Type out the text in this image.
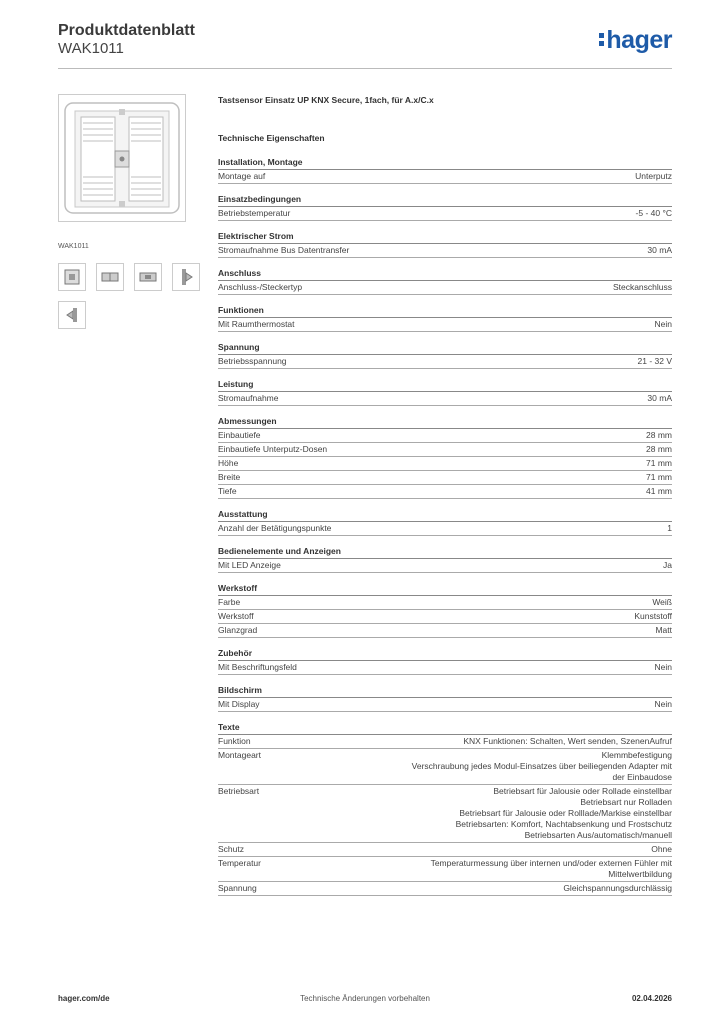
Produktdatenblatt
WAK1011	hager
WAK1011
Tastsensor Einsatz UP KNX Secure, 1fach, für A.x/C.x
Technische Eigenschaften
Installation, Montage
Montage auf	Unterputz
Einsatzbedingungen
Betriebstemperatur	-5 - 40 °C
Elektrischer Strom
Stromaufnahme Bus Datentransfer	30 mA
Anschluss
Anschluss-/Steckertyp	Steckanschluss
Funktionen
Mit Raumthermostat	Nein
Spannung
Betriebsspannung	21 - 32 V
Leistung
Stromaufnahme	30 mA
Abmessungen
Einbautiefe	28 mm
Einbautiefe Unterputz-Dosen	28 mm
Höhe	71 mm
Breite	71 mm
Tiefe	41 mm
Ausstattung
Anzahl der Betätigungspunkte	1
Bedienelemente und Anzeigen
Mit LED Anzeige	Ja
Werkstoff
Farbe	Weiß
Werkstoff	Kunststoff
Glanzgrad	Matt
Zubehör
Mit Beschriftungsfeld	Nein
Bildschirm
Mit Display	Nein
Texte
Funktion	KNX Funktionen: Schalten, Wert senden, SzenenAufruf
Montageart	Klemmbefestigung
Verschraubung jedes Modul-Einsatzes über beiliegenden Adapter mit
der Einbaudose
Betriebsart	Betriebsart für Jalousie oder Rollade einstellbar
Betriebsart nur Rolladen
Betriebsart für Jalousie oder Rolllade/Markise einstellbar
Betriebsarten: Komfort, Nachtabsenkung und Frostschutz
Betriebsarten Aus/automatisch/manuell
Schutz	Ohne
Temperatur	Temperaturmessung über internen und/oder externen Fühler mit
Mittelwertbildung
Spannung	Gleichspannungsdurchlässig
hager.com/de	Technische Änderungen vorbehalten	02.04.2026
